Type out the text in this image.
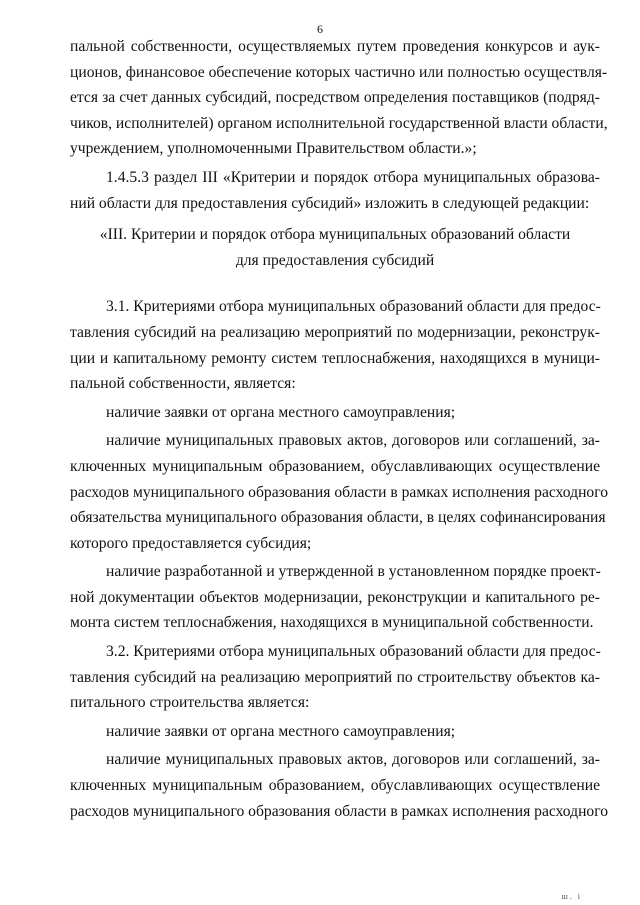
6
пальной собственности, осуществляемых путем проведения конкурсов и аук-
ционов, финансовое обеспечение которых частично или полностью осуществля-
ется за счет данных субсидий, посредством определения поставщиков (подряд-
чиков, исполнителей) органом исполнительной государственной власти области,
учреждением, уполномоченными Правительством области.»;
1.4.5.3 раздел III «Критерии и порядок отбора муниципальных образова-
ний области для предоставления субсидий» изложить в следующей редакции:
«III. Критерии и порядок отбора муниципальных образований области
для предоставления субсидий
3.1. Критериями отбора муниципальных образований области для предос-
тавления субсидий на реализацию мероприятий по модернизации, реконструк-
ции и капитальному ремонту систем теплоснабжения, находящихся в муници-
пальной собственности, является:
наличие заявки от органа местного самоуправления;
наличие муниципальных правовых актов, договоров или соглашений, за-
ключенных муниципальным образованием, обуславливающих осуществление
расходов муниципального образования области в рамках исполнения расходного
обязательства муниципального образования области, в целях софинансирования
которого предоставляется субсидия;
наличие разработанной и утвержденной в установленном порядке проект-
ной документации объектов модернизации, реконструкции и капитального ре-
монта систем теплоснабжения, находящихся в муниципальной собственности.
3.2. Критериями отбора муниципальных образований области для предос-
тавления субсидий на реализацию мероприятий по строительству объектов ка-
питального строительства является:
наличие заявки от органа местного самоуправления;
наличие муниципальных правовых актов, договоров или соглашений, за-
ключенных муниципальным образованием, обуславливающих осуществление
расходов муниципального образования области в рамках исполнения расходного
ш. і
